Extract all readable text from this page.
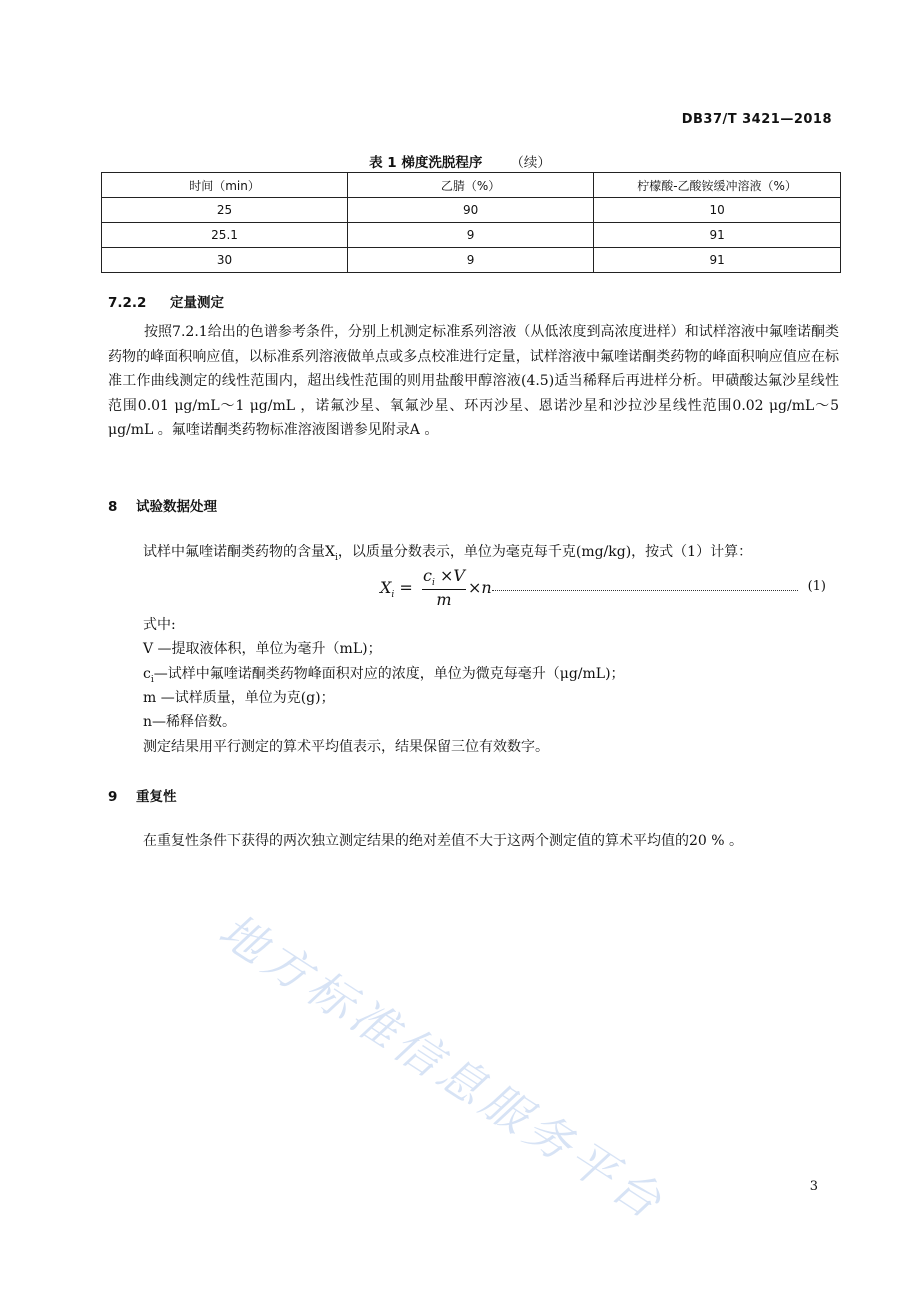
DB37/T 3421—2018
表 1 梯度洗脱程序 （续）
时间（min）	乙腈（%）	柠檬酸-乙酸铵缓冲溶液（%）
25	90	10
25.1	9	91
30	9	91
7.2.2 定量测定
按照7.2.1给出的色谱参考条件，分别上机测定标准系列溶液（从低浓度到高浓度进样）和试样溶液中氟喹诺酮类药物的峰面积响应值，以标准系列溶液做单点或多点校准进行定量，试样溶液中氟喹诺酮类药物的峰面积响应值应在标准工作曲线测定的线性范围内，超出线性范围的则用盐酸甲醇溶液(4.5)适当稀释后再进样分析。甲磺酸达氟沙星线性范围0.01 μg/mL～1 μg/mL ，诺氟沙星、氧氟沙星、环丙沙星、恩诺沙星和沙拉沙星线性范围0.02 μg/mL～5 μg/mL 。氟喹诺酮类药物标准溶液图谱参见附录A 。
8 试验数据处理
试样中氟喹诺酮类药物的含量$X_i$，以质量分数表示，单位为毫克每千克(mg/kg)，按式（1）计算：
$X_i = \frac{c_i \times V}{m} \times n$	(1)
式中:
V —提取液体积，单位为毫升（mL)；
$c_i—$试样中氟喹诺酮类药物峰面积对应的浓度，单位为微克每毫升（μg/mL)；
m —试样质量，单位为克(g)；
n—稀释倍数。
测定结果用平行测定的算术平均值表示，结果保留三位有效数字。
9 重复性
在重复性条件下获得的两次独立测定结果的绝对差值不大于这两个测定值的算术平均值的20 % 。
地方标准信息服务平台	3
